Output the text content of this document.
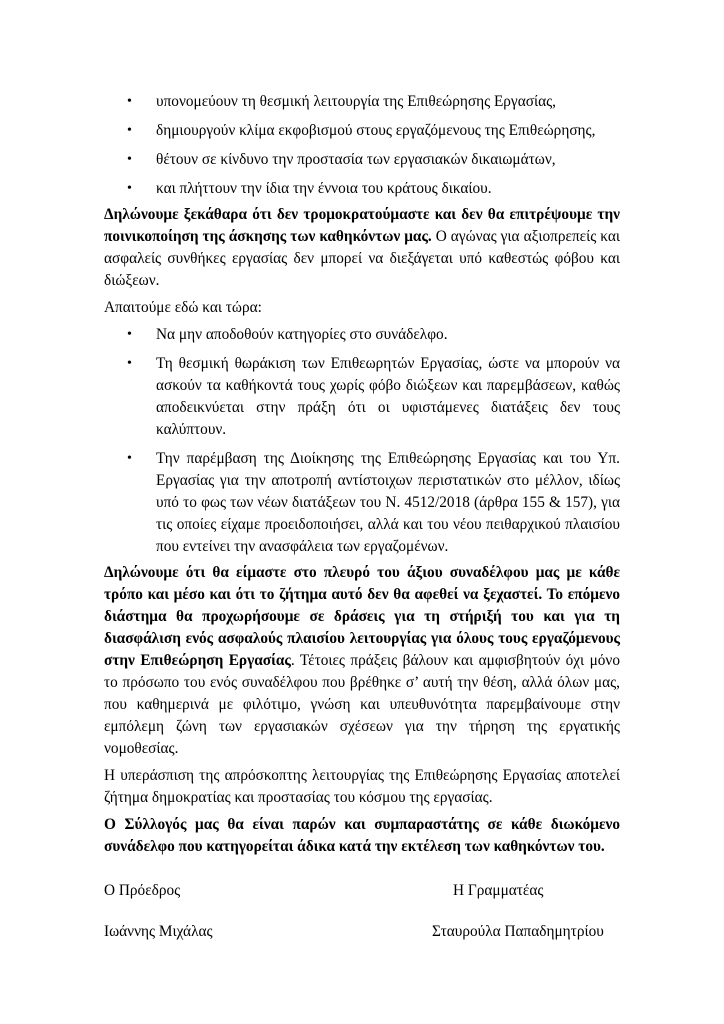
• υπονομεύουν τη θεσμική λειτουργία της Επιθεώρησης Εργασίας,
• δημιουργούν κλίμα εκφοβισμού στους εργαζόμενους της Επιθεώρησης,
• θέτουν σε κίνδυνο την προστασία των εργασιακών δικαιωμάτων,
• και πλήττουν την ίδια την έννοια του κράτους δικαίου.

Δηλώνουμε ξεκάθαρα ότι δεν τρομοκρατούμαστε και δεν θα επιτρέψουμε την ποινικοποίηση της άσκησης των καθηκόντων μας. Ο αγώνας για αξιοπρεπείς και ασφαλείς συνθήκες εργασίας δεν μπορεί να διεξάγεται υπό καθεστώς φόβου και διώξεων.

Απαιτούμε εδώ και τώρα:

• Να μην αποδοθούν κατηγορίες στο συνάδελφο.
• Τη θεσμική θωράκιση των Επιθεωρητών Εργασίας, ώστε να μπορούν να ασκούν τα καθήκοντά τους χωρίς φόβο διώξεων και παρεμβάσεων, καθώς αποδεικνύεται στην πράξη ότι οι υφιστάμενες διατάξεις δεν τους καλύπτουν.
• Την παρέμβαση της Διοίκησης της Επιθεώρησης Εργασίας και του Υπ. Εργασίας για την αποτροπή αντίστοιχων περιστατικών στο μέλλον, ιδίως υπό το φως των νέων διατάξεων του Ν. 4512/2018 (άρθρα 155 & 157), για τις οποίες είχαμε προειδοποιήσει, αλλά και του νέου πειθαρχικού πλαισίου που εντείνει την ανασφάλεια των εργαζομένων.

Δηλώνουμε ότι θα είμαστε στο πλευρό του άξιου συναδέλφου μας με κάθε τρόπο και μέσο και ότι το ζήτημα αυτό δεν θα αφεθεί να ξεχαστεί. Το επόμενο διάστημα θα προχωρήσουμε σε δράσεις για τη στήριξή του και για τη διασφάλιση ενός ασφαλούς πλαισίου λειτουργίας για όλους τους εργαζόμενους στην Επιθεώρηση Εργασίας. Τέτοιες πράξεις βάλουν και αμφισβητούν όχι μόνο το πρόσωπο του ενός συναδέλφου που βρέθηκε σ’ αυτή την θέση, αλλά όλων μας, που καθημερινά με φιλότιμο, γνώση και υπευθυνότητα παρεμβαίνουμε στην εμπόλεμη ζώνη των εργασιακών σχέσεων για την τήρηση της εργατικής νομοθεσίας.

Η υπεράσπιση της απρόσκοπτης λειτουργίας της Επιθεώρησης Εργασίας αποτελεί ζήτημα δημοκρατίας και προστασίας του κόσμου της εργασίας.

Ο Σύλλογός μας θα είναι παρών και συμπαραστάτης σε κάθε διωκόμενο συνάδελφο που κατηγορείται άδικα κατά την εκτέλεση των καθηκόντων του.

Ο Πρόεδρος	Η Γραμματέας
Ιωάννης Μιχάλας	Σταυρούλα Παπαδημητρίου
